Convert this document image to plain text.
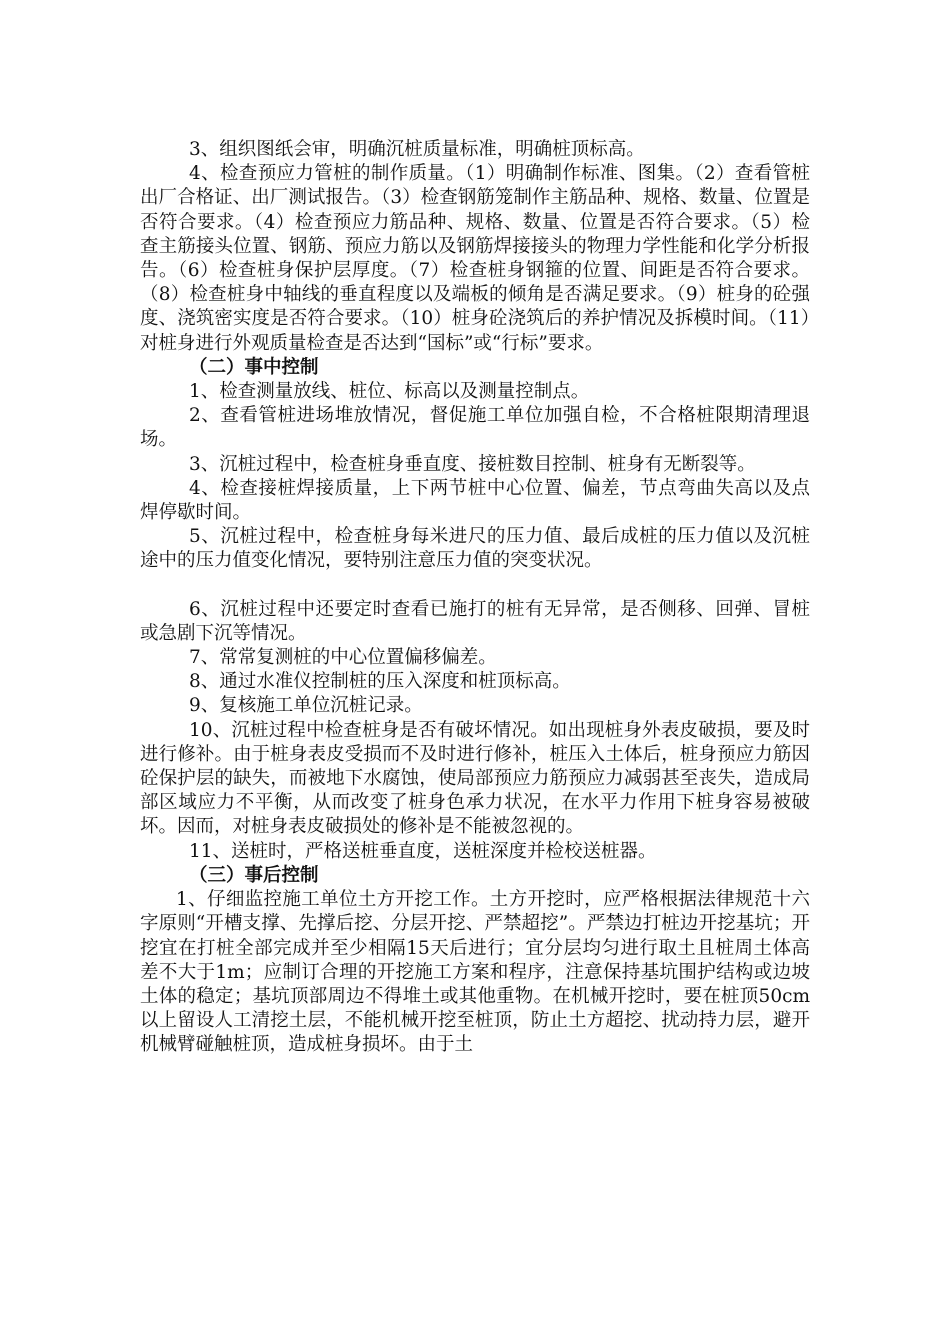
3、组织图纸会审，明确沉桩质量标准，明确桩顶标高。

4、检查预应力管桩的制作质量。（1）明确制作标准、图集。（2）查看管桩出厂合格证、出厂测试报告。（3）检查钢筋笼制作主筋品种、规格、数量、位置是否符合要求。（4）检查预应力筋品种、规格、数量、位置是否符合要求。（5）检查主筋接头位置、钢筋、预应力筋以及钢筋焊接接头的物理力学性能和化学分析报告。（6）检查桩身保护层厚度。（7）检查桩身钢箍的位置、间距是否符合要求。（8）检查桩身中轴线的垂直程度以及端板的倾角是否满足要求。（9）桩身的砼强度、浇筑密实度是否符合要求。（10）桩身砼浇筑后的养护情况及拆模时间。（11）对桩身进行外观质量检查是否达到“国标”或“行标”要求。

（二）事中控制

1、检查测量放线、桩位、标高以及测量控制点。

2、查看管桩进场堆放情况，督促施工单位加强自检，不合格桩限期清理退场。

3、沉桩过程中，检查桩身垂直度、接桩数目控制、桩身有无断裂等。

4、检查接桩焊接质量，上下两节桩中心位置、偏差，节点弯曲失高以及点焊停歇时间。

5、沉桩过程中，检查桩身每米进尺的压力值、最后成桩的压力值以及沉桩途中的压力值变化情况，要特别注意压力值的突变状况。

6、沉桩过程中还要定时查看已施打的桩有无异常，是否侧移、回弹、冒桩或急剧下沉等情况。

7、常常复测桩的中心位置偏移偏差。

8、通过水准仪控制桩的压入深度和桩顶标高。

9、复核施工单位沉桩记录。

10、沉桩过程中检查桩身是否有破坏情况。如出现桩身外表皮破损，要及时进行修补。由于桩身表皮受损而不及时进行修补，桩压入土体后，桩身预应力筋因砼保护层的缺失，而被地下水腐蚀，使局部预应力筋预应力减弱甚至丧失，造成局部区域应力不平衡，从而改变了桩身色承力状况，在水平力作用下桩身容易被破坏。因而，对桩身表皮破损处的修补是不能被忽视的。

11、送桩时，严格送桩垂直度，送桩深度并检校送桩器。

（三）事后控制

1、仔细监控施工单位土方开挖工作。土方开挖时，应严格根据法律规范十六字原则“开槽支撑、先撑后挖、分层开挖、严禁超挖”。严禁边打桩边开挖基坑；开挖宜在打桩全部完成并至少相隔15天后进行；宜分层均匀进行取土且桩周土体高差不大于1m；应制订合理的开挖施工方案和程序，注意保持基坑围护结构或边坡土体的稳定；基坑顶部周边不得堆土或其他重物。在机械开挖时，要在桩顶50cm以上留设人工清挖土层，不能机械开挖至桩顶，防止土方超挖、扰动持力层，避开机械臂碰触桩顶，造成桩身损坏。由于土
